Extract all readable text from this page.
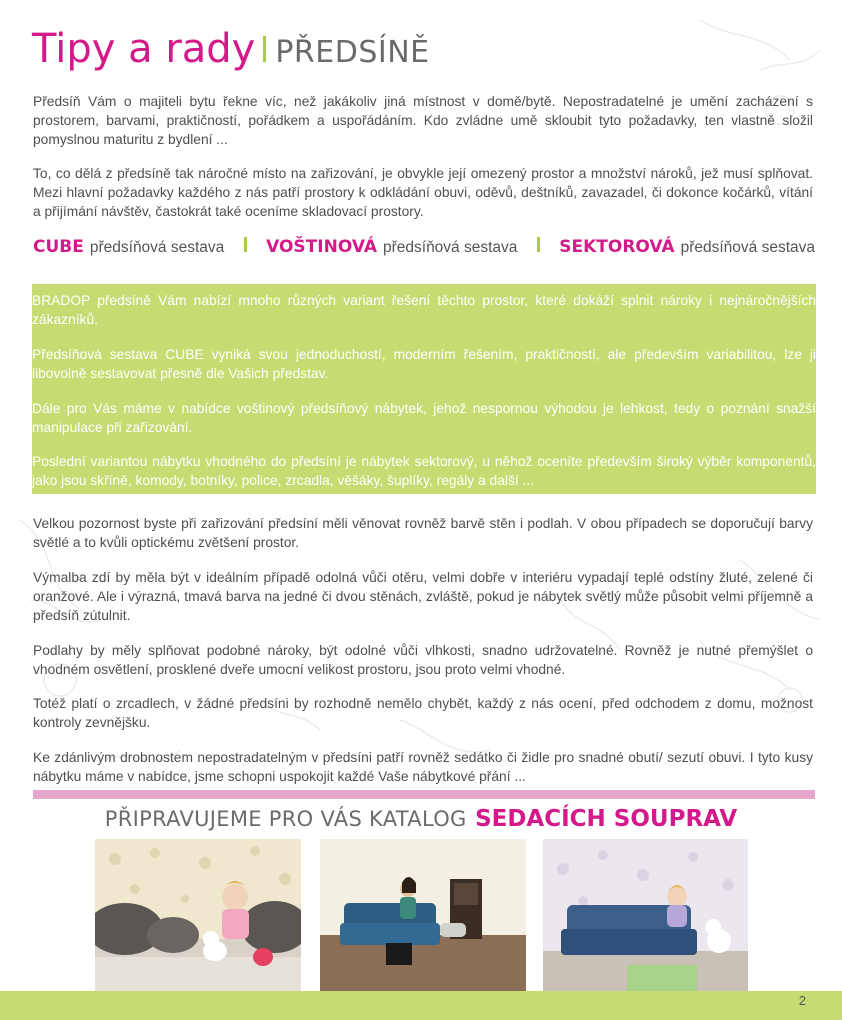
Tipy a rady PŘEDSÍNĚ

Předsíň Vám o majiteli bytu řekne víc, než jakákoliv jiná místnost v domě/bytě. Nepostradatelné je umění zacházení s prostorem, barvami, praktičností, pořádkem a uspořádáním. Kdo zvládne umě skloubit tyto požadavky, ten vlastně složil pomyslnou maturitu z bydlení ...

To, co dělá z předsíně tak náročné místo na zařizování, je obvykle její omezený prostor a množství nároků, jež musí splňovat. Mezi hlavní požadavky každého z nás patří prostory k odkládání obuvi, oděvů, deštníků, zavazadel, či dokonce kočárků, vítání a přijímání návštěv, častokrát také oceníme skladovací prostory.

CUBE předsíňová sestava VOŠTINOVÁ předsíňová sestava SEKTOROVÁ předsíňová sestava

BRADOP předsíně Vám nabízí mnoho různých variant řešení těchto prostor, které dokáží splnit nároky i nejnáročnějších zákazníků.

Předsíňová sestava CUBE vyniká svou jednoduchostí, moderním řešením, praktičností, ale především variabilitou, lze ji libovolně sestavovat přesně dle Vašich představ.

Dále pro Vás máme v nabídce voštinový předsíňový nábytek, jehož nespornou výhodou je lehkost, tedy o poznání snažší manipulace při zařizování.

Poslední variantou nábytku vhodného do předsíní je nábytek sektorový, u něhož oceníte především široký výběr komponentů, jako jsou skříně, komody, botníky, police, zrcadla, věšáky, šuplíky, regály a další ...

Velkou pozornost byste při zařizování předsíní měli věnovat rovněž barvě stěn i podlah. V obou případech se doporučují barvy světlé a to kvůli optickému zvětšení prostor.

Výmalba zdí by měla být v ideálním případě odolná vůči otěru, velmi dobře v interiéru vypadají teplé odstíny žluté, zelené či oranžové. Ale i výrazná, tmavá barva na jedné či dvou stěnách, zvláště, pokud je nábytek světlý může působit velmi příjemně a předsíň zútulnit.

Podlahy by měly splňovat podobné nároky, být odolné vůči vlhkosti, snadno udržovatelné. Rovněž je nutné přemýšlet o vhodném osvětlení, prosklené dveře umocní velikost prostoru, jsou proto velmi vhodné.

Totéž platí o zrcadlech, v žádné předsíni by rozhodně nemělo chybět, každý z nás ocení, před odchodem z domu, možnost kontroly zevnějšku.

Ke zdánlivým drobnostem nepostradatelným v předsíni patří rovněž sedátko či židle pro snadné obutí/ sezutí obuvi. I tyto kusy nábytku máme v nabídce, jsme schopni uspokojit každé Vaše nábytkové přání ...

PŘIPRAVUJEME PRO VÁS KATALOG SEDACÍCH SOUPRAV
2
